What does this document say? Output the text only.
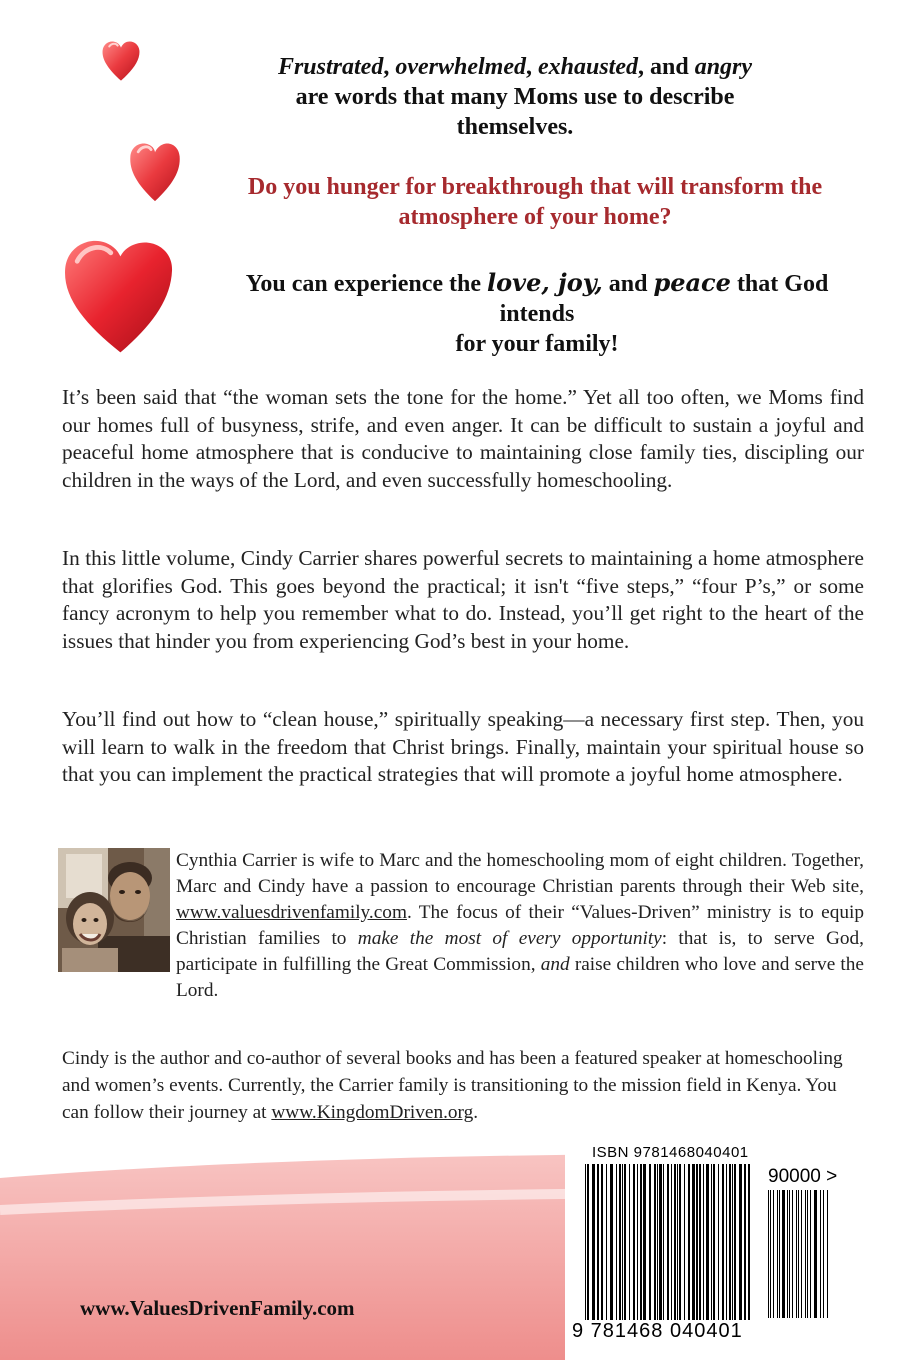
Frustrated, overwhelmed, exhausted, and angry
are words that many Moms use to describe
themselves.
Do you hunger for breakthrough that will transform the
atmosphere of your home?
You can experience the love, joy, and peace that God intends
for your family!
It’s been said that “the woman sets the tone for the home.” Yet all too often, we Moms find our homes full of busyness, strife, and even anger. It can be difficult to sustain a joyful and peaceful home atmosphere that is conducive to maintaining close family ties, discipling our children in the ways of the Lord, and even successfully homeschooling.
In this little volume, Cindy Carrier shares powerful secrets to maintaining a home atmosphere that glorifies God. This goes beyond the practical; it isn't “five steps,” “four P’s,” or some fancy acronym to help you remember what to do. Instead, you’ll get right to the heart of the issues that hinder you from experiencing God’s best in your home.
You’ll find out how to “clean house,” spiritually speaking—a necessary first step. Then, you will learn to walk in the freedom that Christ brings. Finally, maintain your spiritual house so that you can implement the practical strategies that will promote a joyful home atmosphere.
Cynthia Carrier is wife to Marc and the homeschooling mom of eight children. Together, Marc and Cindy have a passion to encourage Christian parents through their Web site, www.valuesdrivenfamily.com. The focus of their “Values-Driven” ministry is to equip Christian families to make the most of every opportunity: that is, to serve God, participate in fulfilling the Great Commission, and raise children who love and serve the Lord.
Cindy is the author and co-author of several books and has been a featured speaker at homeschooling and women’s events. Currently, the Carrier family is transitioning to the mission field in Kenya. You can follow their journey at www.KingdomDriven.org.
www.ValuesDrivenFamily.com
ISBN 9781468040401
90000 >
9 781468 040401
